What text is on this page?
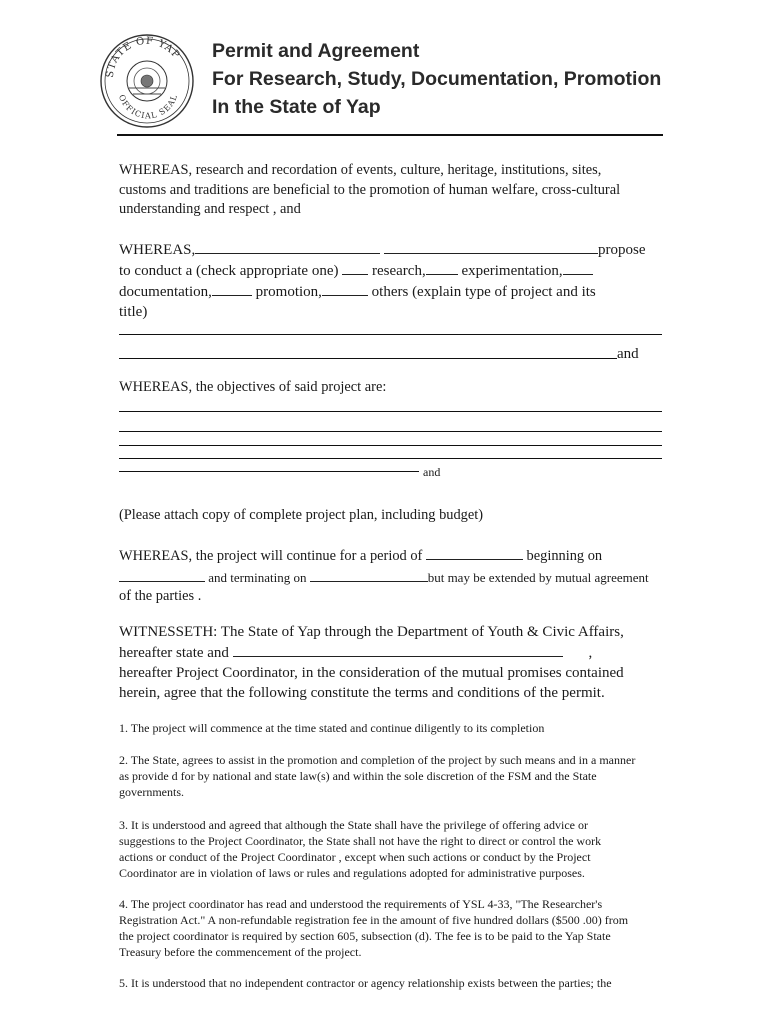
STATE OF YAP
OFFICIAL SEAL
Permit and Agreement
For Research, Study, Documentation, Promotion
In the State of Yap
WHEREAS, research and recordation of events, culture, heritage, institutions, sites,
customs and traditions are beneficial to the promotion of human welfare, cross-cultural
understanding and respect , and
WHEREAS,	propose
to conduct a (check appropriate one) research, experimentation,
documentation,	promotion,	others (explain type of project and its
title)
and
WHEREAS, the objectives of said project are:
and
(Please attach copy of complete project plan, including budget)
WHEREAS, the project will continue for a period of	beginning on
and terminating on	but may be extended by mutual agreement
of the parties .
WITNESSETH: The State of Yap through the Department of Youth & Civic Affairs,
hereafter state and	,
hereafter Project Coordinator, in the consideration of the mutual promises contained
herein, agree that the following constitute the terms and conditions of the permit.
1. The project will commence at the time stated and continue diligently to its completion
2. The State, agrees to assist in the promotion and completion of the project by such means and in a manner
as provide d for by national and state law(s) and within the sole discretion of the FSM and the State
governments.
3. It is understood and agreed that although the State shall have the privilege of offering advice or
suggestions to the Project Coordinator, the State shall not have the right to direct or control the work
actions or conduct of the Project Coordinator , except when such actions or conduct by the Project
Coordinator are in violation of laws or rules and regulations adopted for administrative purposes.
4. The project coordinator has read and understood the requirements of YSL 4-33, "The Researcher's
Registration Act." A non-refundable registration fee in the amount of five hundred dollars ($500 .00) from
the project coordinator is required by section 605, subsection (d). The fee is to be paid to the Yap State
Treasury before the commencement of the project.
5. It is understood that no independent contractor or agency relationship exists between the parties; the
